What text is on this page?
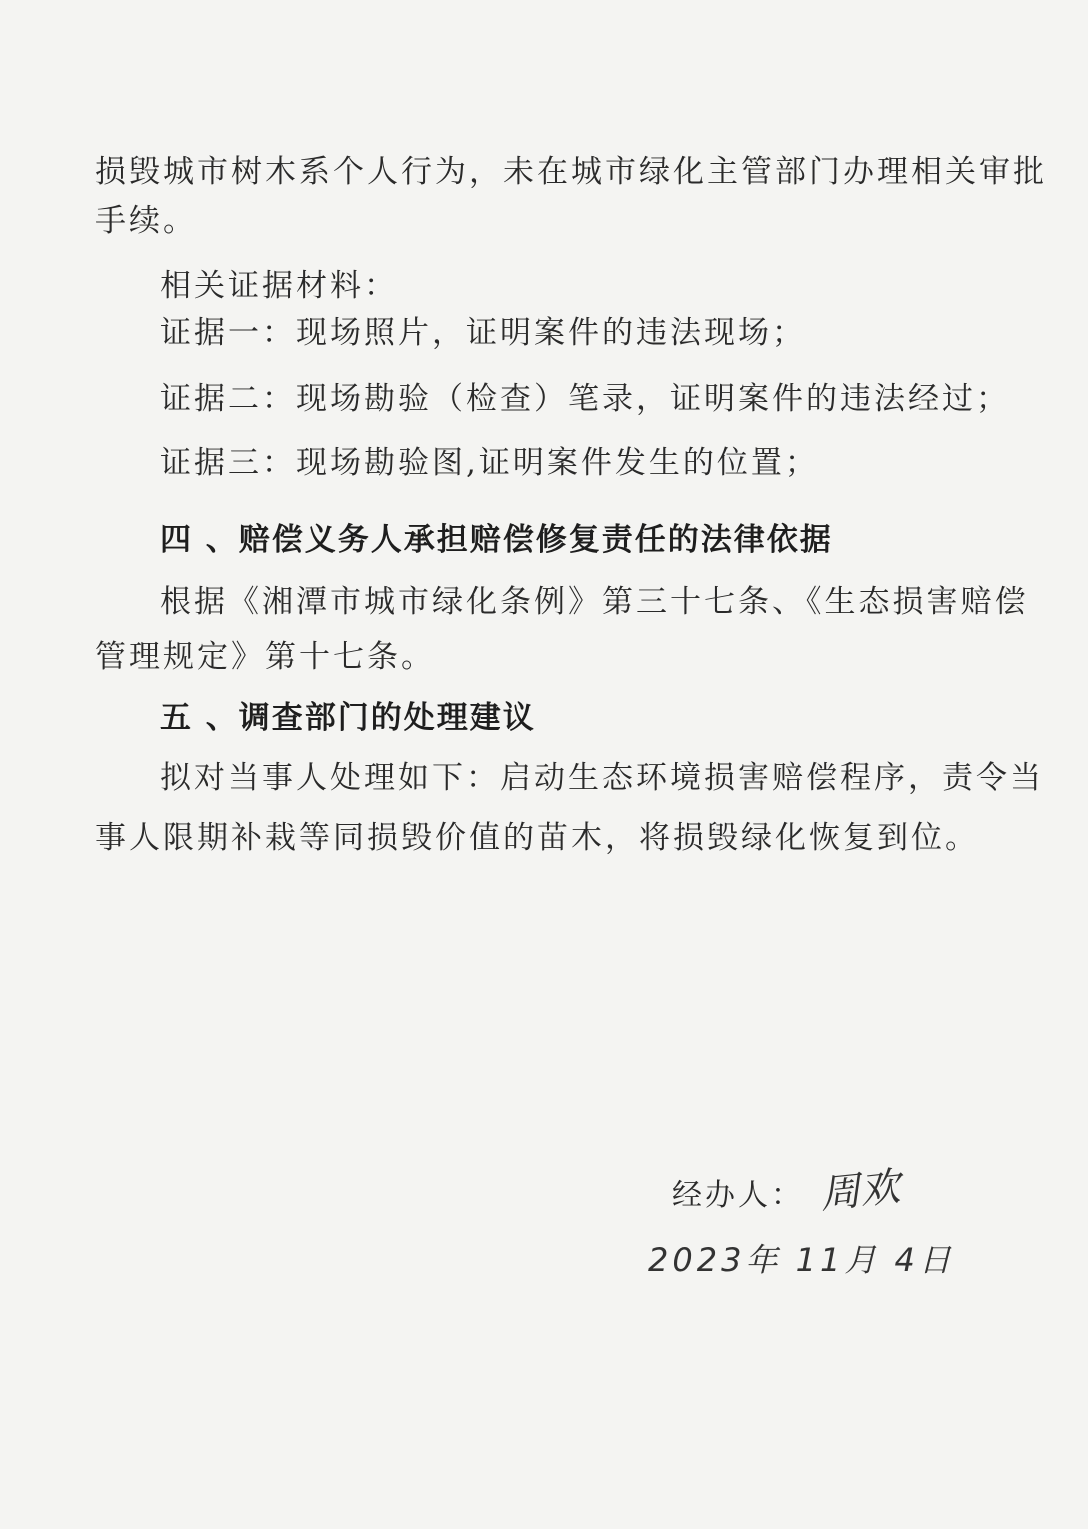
损毁城市树木系个人行为，未在城市绿化主管部门办理相关审批
手续。
相关证据材料：
证据一：现场照片，证明案件的违法现场；
证据二：现场勘验（检查）笔录，证明案件的违法经过；
证据三：现场勘验图,证明案件发生的位置；
四 、赔偿义务人承担赔偿修复责任的法律依据
根据《湘潭市城市绿化条例》第三十七条、《生态损害赔偿
管理规定》第十七条。
五 、调查部门的处理建议
拟对当事人处理如下：启动生态环境损害赔偿程序，责令当
事人限期补栽等同损毁价值的苗木，将损毁绿化恢复到位。
经办人： 周欢
2023年 11月 4日
